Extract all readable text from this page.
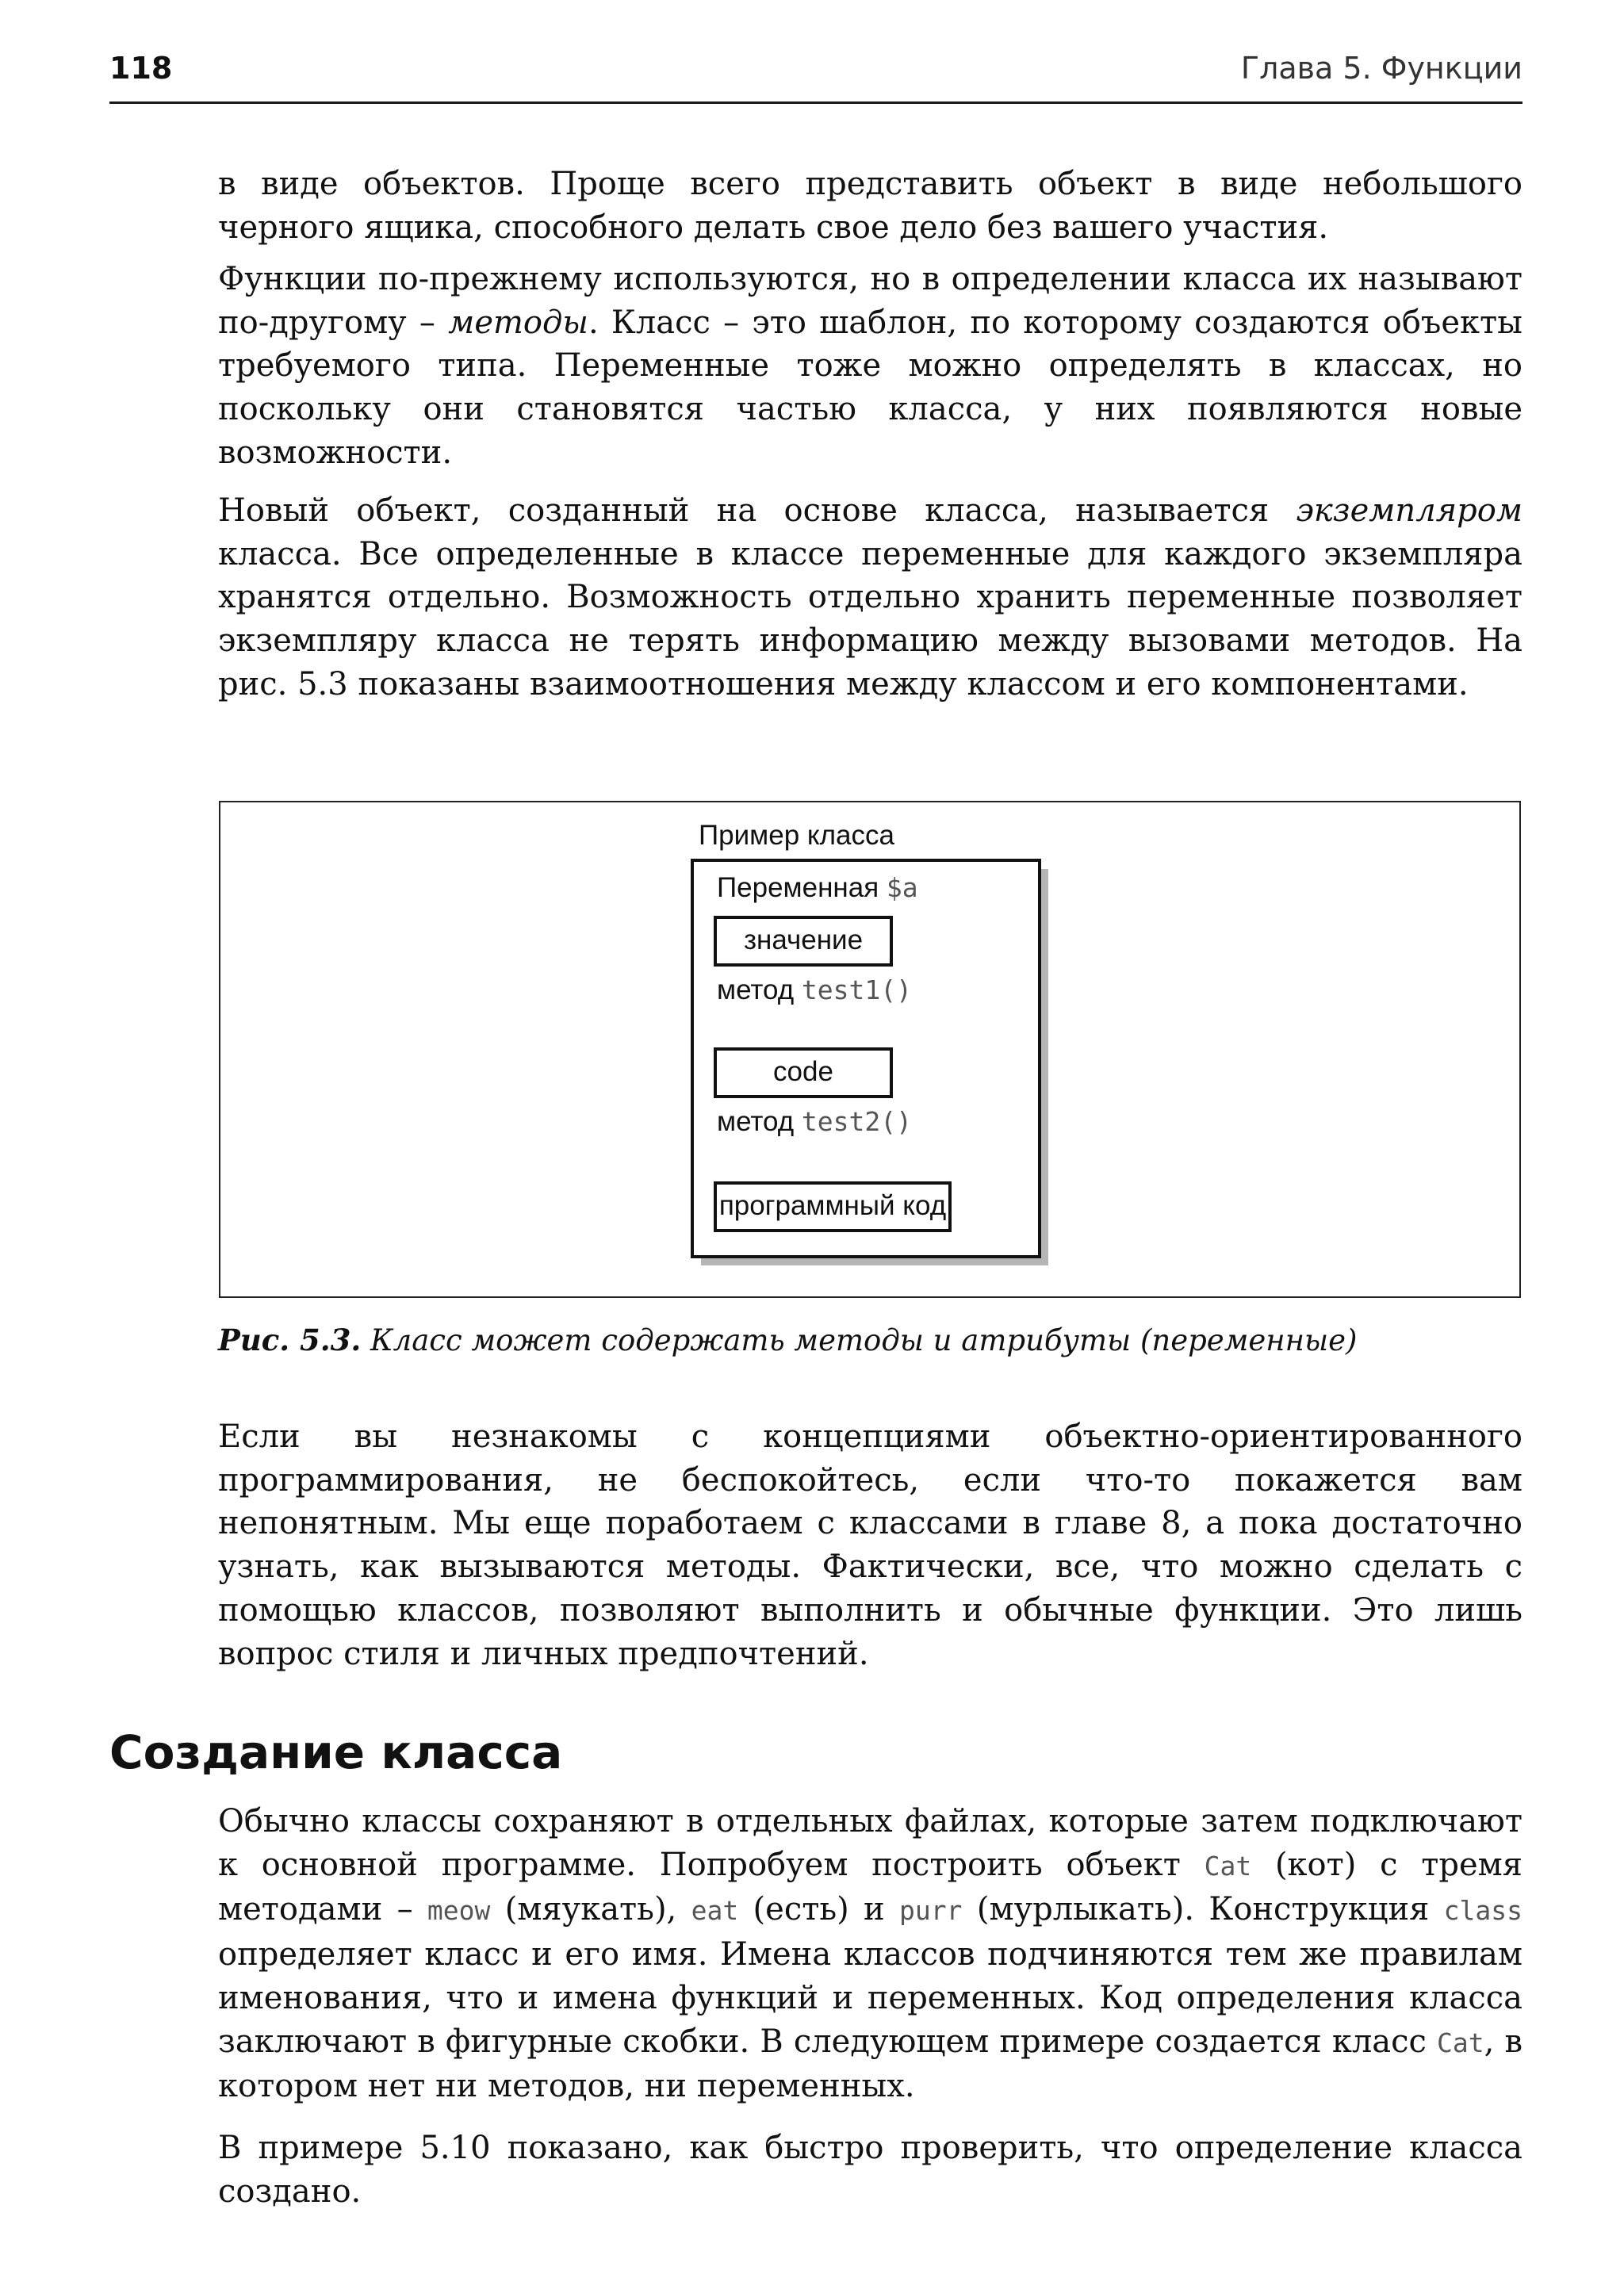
118	Глава 5. Функции

в виде объектов. Проще всего представить объект в виде небольшого черного ящика, способного делать свое дело без вашего участия.

Функции по-прежнему используются, но в определении класса их называют по-другому – методы. Класс – это шаблон, по которому создаются объекты требуемого типа. Переменные тоже можно определять в классах, но поскольку они становятся частью класса, у них появляются новые возможности.

Новый объект, созданный на основе класса, называется экземпляром класса. Все определенные в классе переменные для каждого экземпляра хранятся отдельно. Возможность отдельно хранить переменные позволяет экземпляру класса не терять информацию между вызовами методов. На рис. 5.3 показаны взаимоотношения между классом и его компонентами.

Пример класса
Переменная $a
значение
метод test1()
code
метод test2()
программный код
Рис. 5.3. Класс может содержать методы и атрибуты (переменные)

Если вы незнакомы с концепциями объектно-ориентированного программирования, не беспокойтесь, если что-то покажется вам непонятным. Мы еще поработаем с классами в главе 8, а пока достаточно узнать, как вызываются методы. Фактически, все, что можно сделать с помощью классов, позволяют выполнить и обычные функции. Это лишь вопрос стиля и личных предпочтений.

Создание класса

Обычно классы сохраняют в отдельных файлах, которые затем подключают к основной программе. Попробуем построить объект Cat (кот) с тремя методами – meow (мяукать), eat (есть) и purr (мурлыкать). Конструкция class определяет класс и его имя. Имена классов подчиняются тем же правилам именования, что и имена функций и переменных. Код определения класса заключают в фигурные скобки. В следующем примере создается класс Cat, в котором нет ни методов, ни переменных.

В примере 5.10 показано, как быстро проверить, что определение класса создано.
